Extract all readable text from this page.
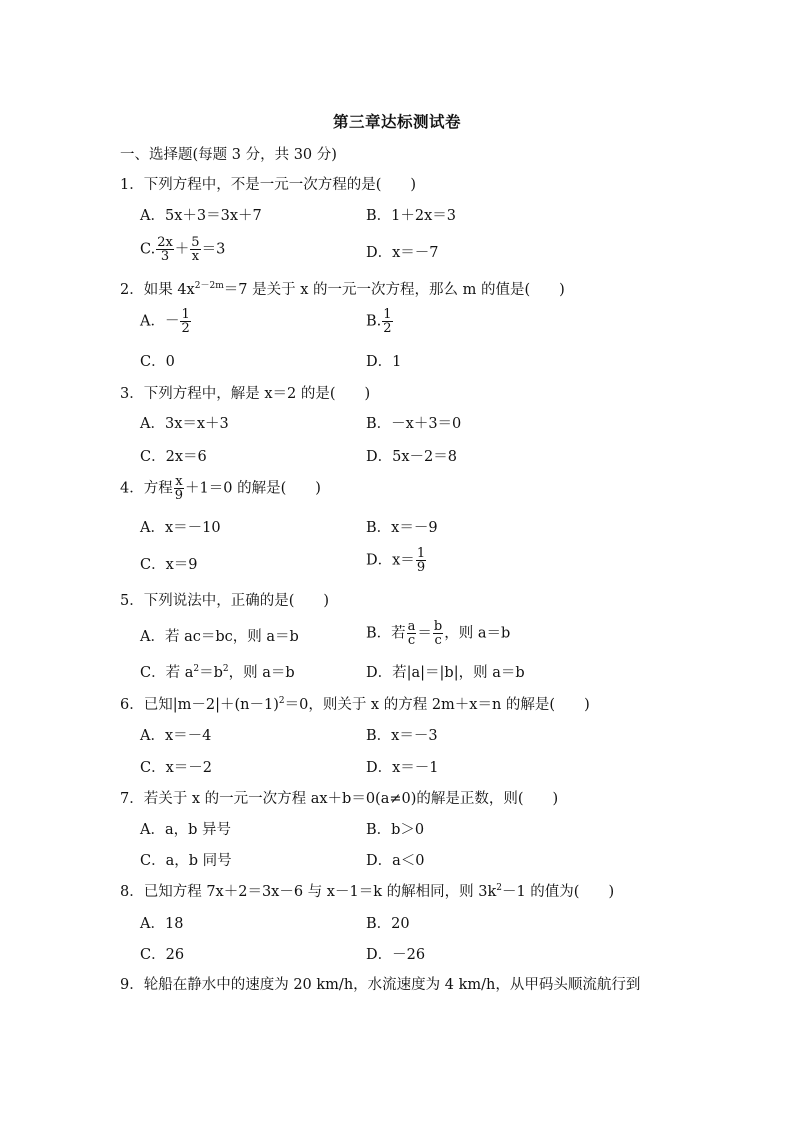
第三章达标测试卷
一、选择题(每题 3 分，共 30 分)
1．下列方程中，不是一元一次方程的是(　　)
A．5x＋3＝3x＋7	B．1＋2x＝3
C. $\frac{2x}{3} + \frac{5}{x} =3$	D．x＝－7
2．如果 $4x^{2-2m}=7$ 是关于 x 的一元一次方程，那么 m 的值是(　　)
A．－ $\frac{1}{2}$	B. $\frac{1}{2}$
C．0	D．1
3．下列方程中，解是 x＝2 的是(　　)
A．3x＝x＋3	B．－x＋3＝0
C．2x＝6	D．5x－2＝8
4．方程 $\frac{x}{9} +1=0$ 的解是(　　)
A．x＝－10	B．x＝－9
C．x＝9	D．$x= \frac{1}{9}$
5．下列说法中，正确的是(　　)
A．若 ac＝bc，则 a＝b	B．若 $\frac{a}{c} = \frac{b}{c}$ ，则 a＝b
C．若 $a^2=b^2$，则 a＝b	D．若|a|＝|b|，则 a＝b
6．已知$|m-2|+(n-1)^2=0$，则关于 x 的方程 2m＋x＝n 的解是(　　)
A．x＝－4	B．x＝－3
C．x＝－2	D．x＝－1
7．若关于 x 的一元一次方程 ax＋b＝0(a≠0)的解是正数，则(　　)
A．a，b 异号	B．b＞0
C．a，b 同号	D．a＜0
8．已知方程 7x＋2＝3x－6 与 x－1＝k 的解相同，则 $3k^2-1$ 的值为(　　)
A．18	B．20
C．26	D．－26
9．轮船在静水中的速度为 20 km/h，水流速度为 4 km/h，从甲码头顺流航行到
